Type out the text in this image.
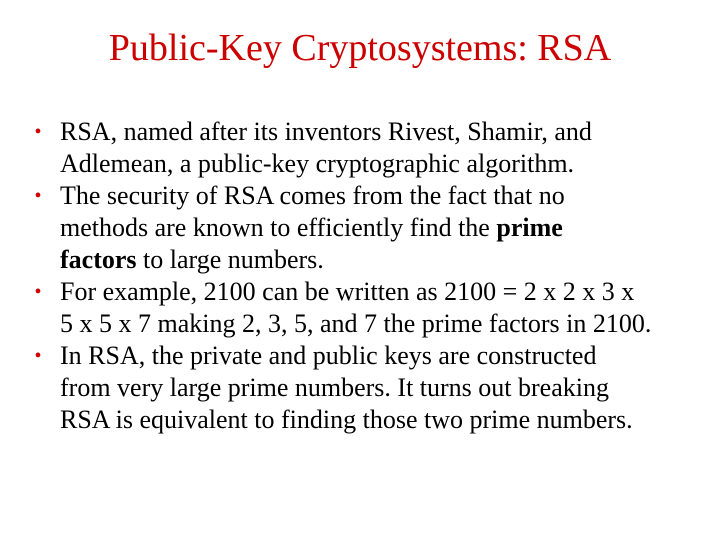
Public-Key Cryptosystems: RSA
• RSA, named after its inventors Rivest, Shamir, and
Adlemean, a public-key cryptographic algorithm.
• The security of RSA comes from the fact that no
methods are known to efficiently find the prime
factors to large numbers.
• For example, 2100 can be written as 2100 = 2 x 2 x 3 x
5 x 5 x 7 making 2, 3, 5, and 7 the prime factors in 2100.
• In RSA, the private and public keys are constructed
from very large prime numbers. It turns out breaking
RSA is equivalent to finding those two prime numbers.
